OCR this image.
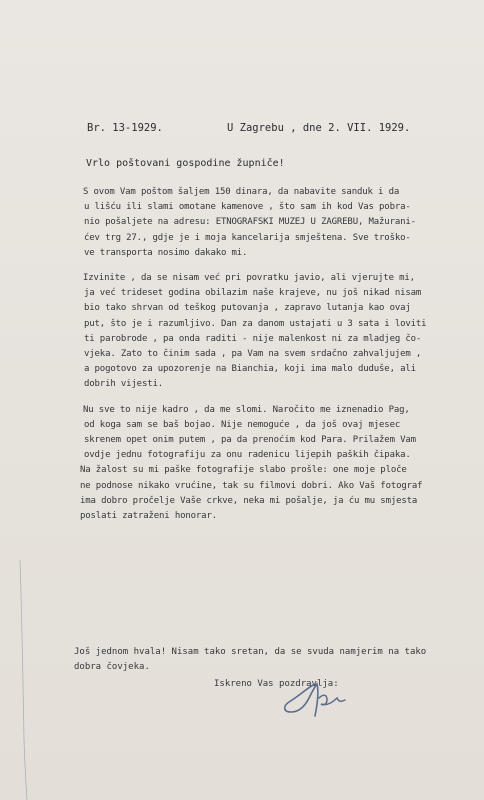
Br. 13-1929.	U Zagrebu , dne 2. VII. 1929.
Vrlo poštovani gospodine župniče!
S ovom Vam poštom šaljem 150 dinara, da nabavite sanduk i da
u lišću ili slami omotane kamenove , što sam ih kod Vas pobra-
nio pošaljete na adresu: ETNOGRAFSKI MUZEJ U ZAGREBU, Mažurani-
ćev trg 27., gdje je i moja kancelarija smještena. Sve troško-
ve transporta nosimo dakako mi.
Izvinite , da se nisam već pri povratku javio, ali vjerujte mi,
ja već trideset godina obilazim naše krajeve, nu još nikad nisam
bio tako shrvan od teškog putovanja , zapravo lutanja kao ovaj
put, što je i razumljivo. Dan za danom ustajati u 3 sata i loviti
ti parobrode , pa onda raditi - nije malenkost ni za mladjeg čo-
vjeka. Zato to činim sada , pa Vam na svem srdačno zahvaljujem ,
a pogotovo za upozorenje na Bianchia, koji ima malo duduše, ali
dobrih vijesti.
Nu sve to nije kadro , da me slomi. Naročito me iznenadio Pag,
od koga sam se baš bojao. Nije nemoguće , da još ovaj mjesec
skrenem opet onim putem , pa da prenoćim kod Para. Prilažem Vam
ovdje jednu fotografiju za onu radenicu lijepih paških čipaka.
Na žalost su mi paške fotografije slabo prošle: one moje ploče
ne podnose nikako vrućine, tak su filmovi dobri. Ako Vaš fotograf
ima dobro pročelje Vaše crkve, neka mi pošalje, ja ću mu smjesta
poslati zatraženi honorar.
Još jednom hvala! Nisam tako sretan, da se svuda namjerim na tako
dobra čovjeka.
Iskreno Vas pozdravlja:
